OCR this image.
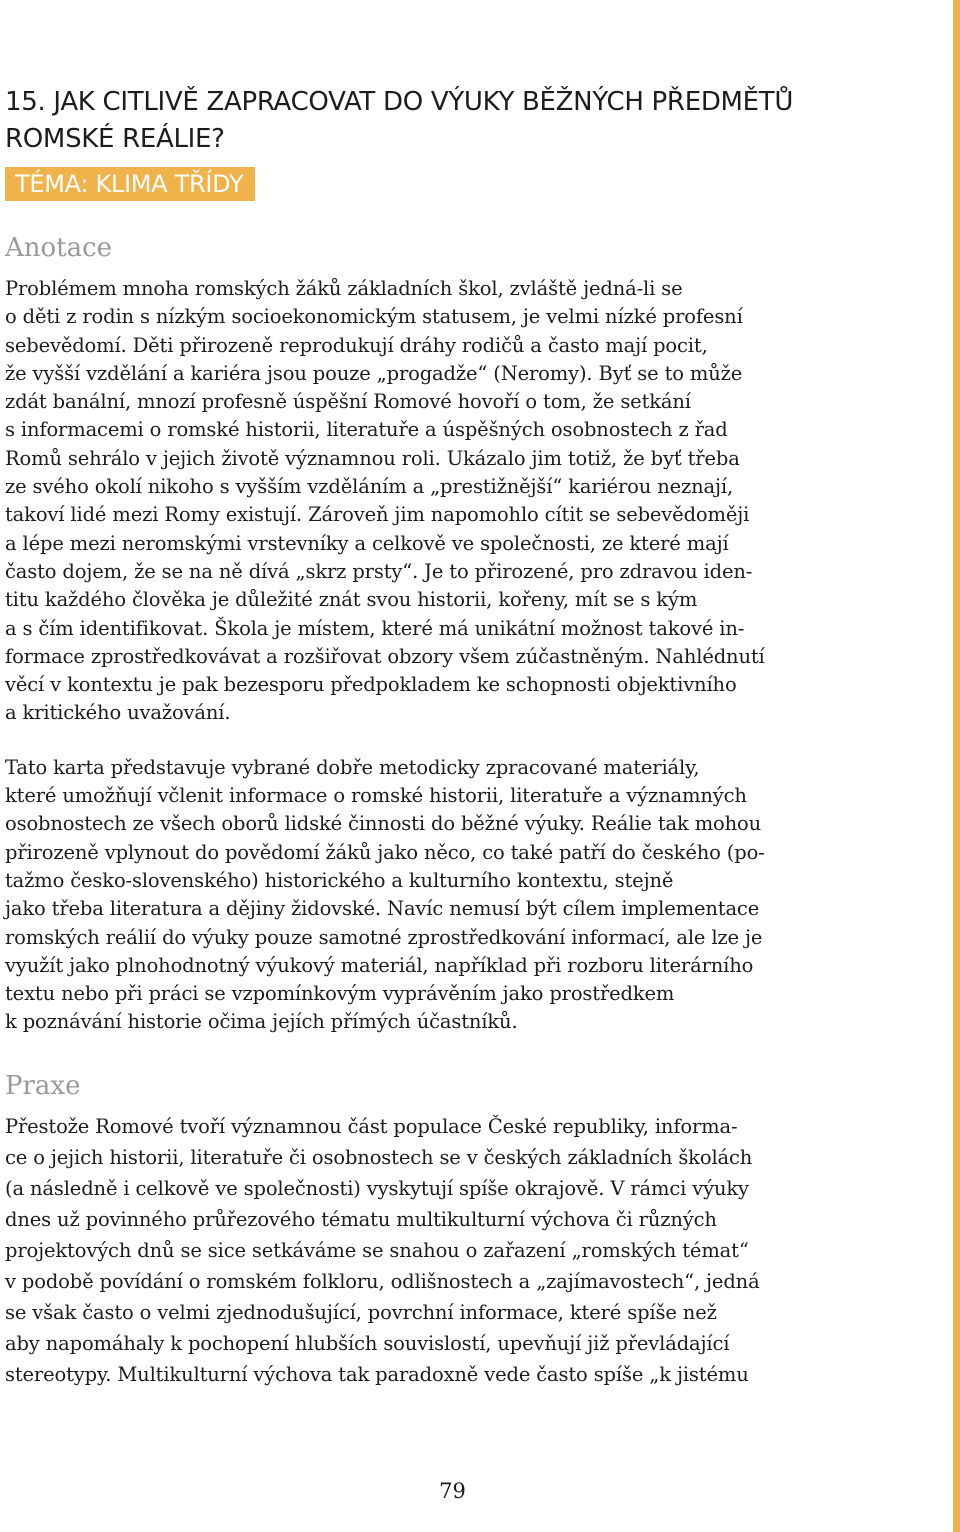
15. JAK CITLIVĚ ZAPRACOVAT DO VÝUKY BĚŽNÝCH PŘEDMĚTŮ
ROMSKÉ REÁLIE?
TÉMA: KLIMA TŘÍDY
Anotace

Problémem mnoha romských žáků základních škol, zvláště jedná-li se
o děti z rodin s nízkým socioekonomickým statusem, je velmi nízké profesní
sebevědomí. Děti přirozeně reprodukují dráhy rodičů a často mají pocit,
že vyšší vzdělání a kariéra jsou pouze „progadže“ (Neromy). Byť se to může
zdát banální, mnozí profesně úspěšní Romové hovoří o tom, že setkání
s informacemi o romské historii, literatuře a úspěšných osobnostech z řad
Romů sehrálo v jejich životě významnou roli. Ukázalo jim totiž, že byť třeba
ze svého okolí nikoho s vyšším vzděláním a „prestižnější“ kariérou neznají,
takoví lidé mezi Romy existují. Zároveň jim napomohlo cítit se sebevědoměji
a lépe mezi neromskými vrstevníky a celkově ve společnosti, ze které mají
často dojem, že se na ně dívá „skrz prsty“. Je to přirozené, pro zdravou iden-
titu každého člověka je důležité znát svou historii, kořeny, mít se s kým
a s čím identifikovat. Škola je místem, které má unikátní možnost takové in-
formace zprostředkovávat a rozšiřovat obzory všem zúčastněným. Nahlédnutí
věcí v kontextu je pak bezesporu předpokladem ke schopnosti objektivního
a kritického uvažování.

Tato karta představuje vybrané dobře metodicky zpracované materiály,
které umožňují včlenit informace o romské historii, literatuře a významných
osobnostech ze všech oborů lidské činnosti do běžné výuky. Reálie tak mohou
přirozeně vplynout do povědomí žáků jako něco, co také patří do českého (po-
tažmo česko-slovenského) historického a kulturního kontextu, stejně
jako třeba literatura a dějiny židovské. Navíc nemusí být cílem implementace
romských reálií do výuky pouze samotné zprostředkování informací, ale lze je
využít jako plnohodnotný výukový materiál, například při rozboru literárního
textu nebo při práci se vzpomínkovým vyprávěním jako prostředkem
k poznávání historie očima jejích přímých účastníků.

Praxe

Přestože Romové tvoří významnou část populace České republiky, informa-
ce o jejich historii, literatuře či osobnostech se v českých základních školách
(a následně i celkově ve společnosti) vyskytují spíše okrajově. V rámci výuky
dnes už povinného průřezového tématu multikulturní výchova či různých
projektových dnů se sice setkáváme se snahou o zařazení „romských témat“
v podobě povídání o romském folkloru, odlišnostech a „zajímavostech“, jedná
se však často o velmi zjednodušující, povrchní informace, které spíše než
aby napomáhaly k pochopení hlubších souvislostí, upevňují již převládající
stereotypy. Multikulturní výchova tak paradoxně vede často spíše „k jistému

79
